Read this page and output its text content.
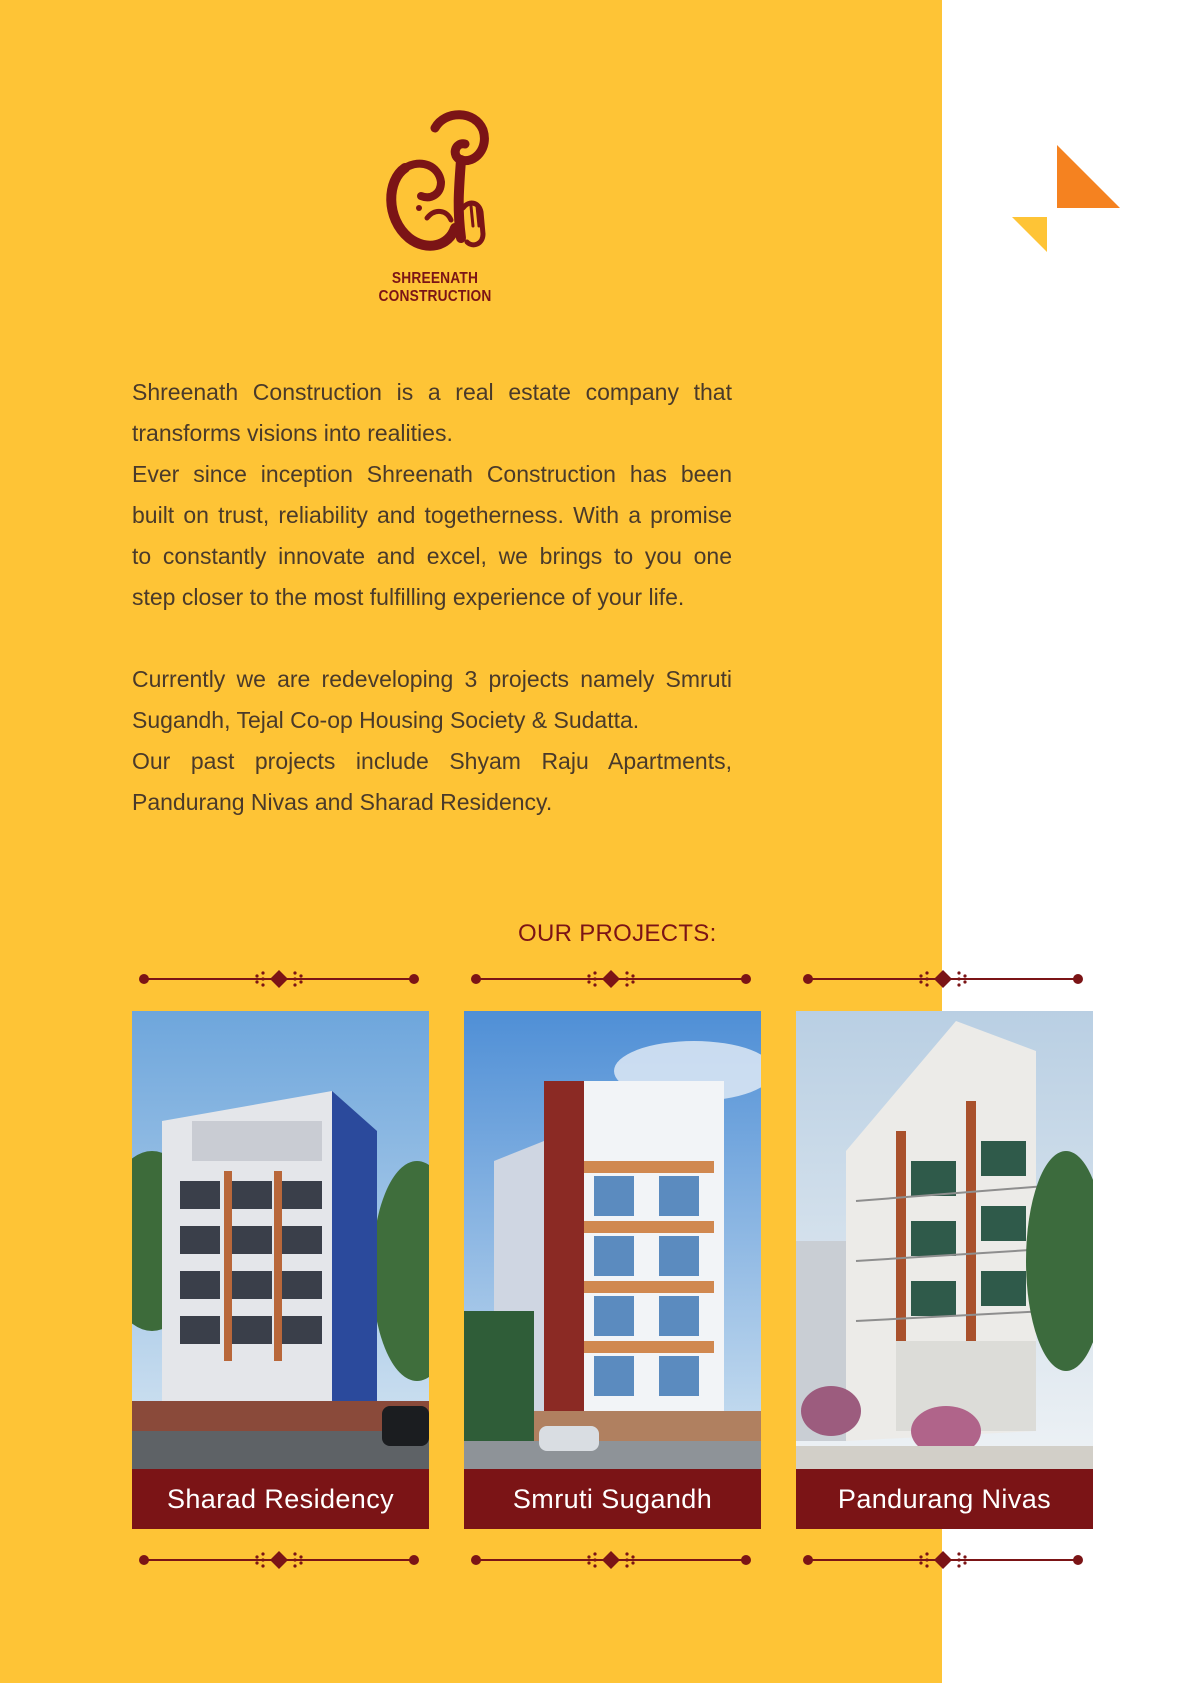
SHREENATH CONSTRUCTION

Shreenath Construction is a real estate company that transforms visions into realities.

Ever since inception Shreenath Construction has been built on trust, reliability and togetherness. With a promise to constantly innovate and excel, we brings to you one step closer to the most fulfilling experience of your life.

Currently we are redeveloping 3 projects namely Smruti Sugandh, Tejal Co-op Housing Society & Sudatta.

Our past projects include Shyam Raju Apartments, Pandurang Nivas and Sharad Residency.

OUR PROJECTS:
Sharad Residency	Smruti Sugandh	Pandurang Nivas
